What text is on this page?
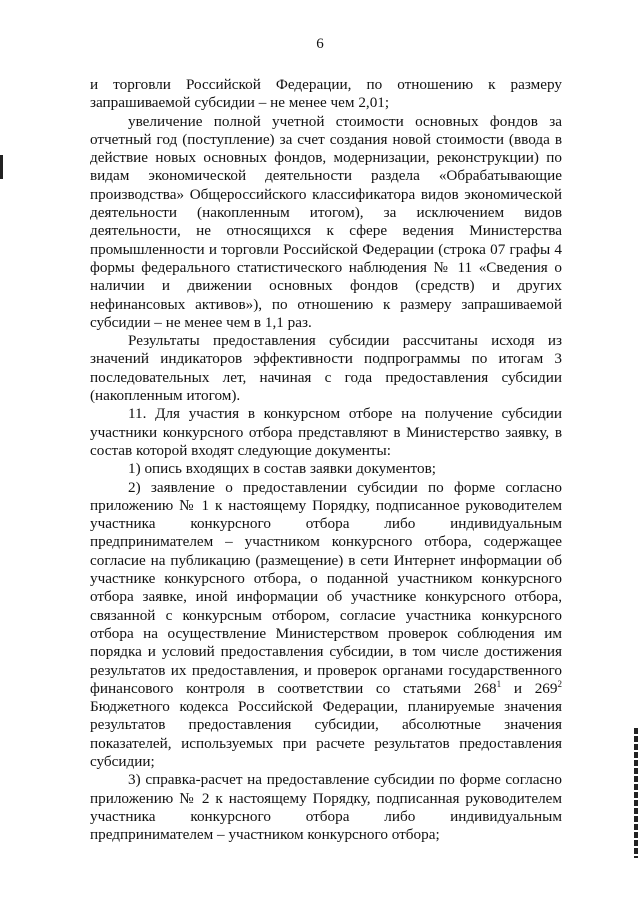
6

и торговли Российской Федерации, по отношению к размеру запрашиваемой субсидии – не менее чем 2,01;

увеличение полной учетной стоимости основных фондов за отчетный год (поступление) за счет создания новой стоимости (ввода в действие новых основных фондов, модернизации, реконструкции) по видам экономической деятельности раздела «Обрабатывающие производства» Общероссийского классификатора видов экономической деятельности (накопленным итогом), за исключением видов деятельности, не относящихся к сфере ведения Министерства промышленности и торговли Российской Федерации (строка 07 графы 4 формы федерального статистического наблюдения № 11 «Сведения о наличии и движении основных фондов (средств) и других нефинансовых активов»), по отношению к размеру запрашиваемой субсидии – не менее чем в 1,1 раз.

Результаты предоставления субсидии рассчитаны исходя из значений индикаторов эффективности подпрограммы по итогам 3 последовательных лет, начиная с года предоставления субсидии (накопленным итогом).

11. Для участия в конкурсном отборе на получение субсидии участники конкурсного отбора представляют в Министерство заявку, в состав которой входят следующие документы:

1) опись входящих в состав заявки документов;

2) заявление о предоставлении субсидии по форме согласно приложению № 1 к настоящему Порядку, подписанное руководителем участника конкурсного отбора либо индивидуальным предпринимателем – участником конкурсного отбора, содержащее согласие на публикацию (размещение) в сети Интернет информации об участнике конкурсного отбора, о поданной участником конкурсного отбора заявке, иной информации об участнике конкурсного отбора, связанной с конкурсным отбором, согласие участника конкурсного отбора на осуществление Министерством проверок соблюдения им порядка и условий предоставления субсидии, в том числе достижения результатов их предоставления, и проверок органами государственного финансового контроля в соответствии со статьями $268^1$ и $269^2$ Бюджетного кодекса Российской Федерации, планируемые значения результатов предоставления субсидии, абсолютные значения показателей, используемых при расчете результатов предоставления субсидии;

3) справка-расчет на предоставление субсидии по форме согласно приложению № 2 к настоящему Порядку, подписанная руководителем участника конкурсного отбора либо индивидуальным предпринимателем – участником конкурсного отбора;
